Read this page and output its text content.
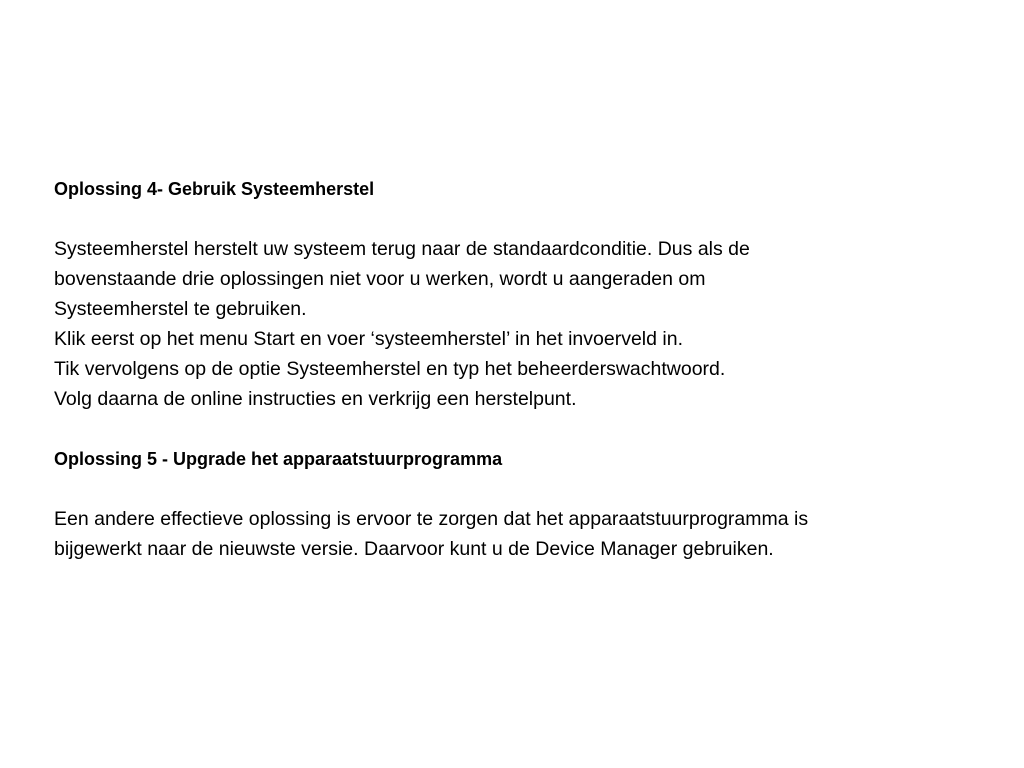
Oplossing 4- Gebruik Systeemherstel

Systeemherstel herstelt uw systeem terug naar de standaardconditie. Dus als de

bovenstaande drie oplossingen niet voor u werken, wordt u aangeraden om

Systeemherstel te gebruiken.

Klik eerst op het menu Start en voer ‘systeemherstel’ in het invoerveld in.

Tik vervolgens op de optie Systeemherstel en typ het beheerderswachtwoord.

Volg daarna de online instructies en verkrijg een herstelpunt.

Oplossing 5 - Upgrade het apparaatstuurprogramma

Een andere effectieve oplossing is ervoor te zorgen dat het apparaatstuurprogramma is

bijgewerkt naar de nieuwste versie. Daarvoor kunt u de Device Manager gebruiken.
